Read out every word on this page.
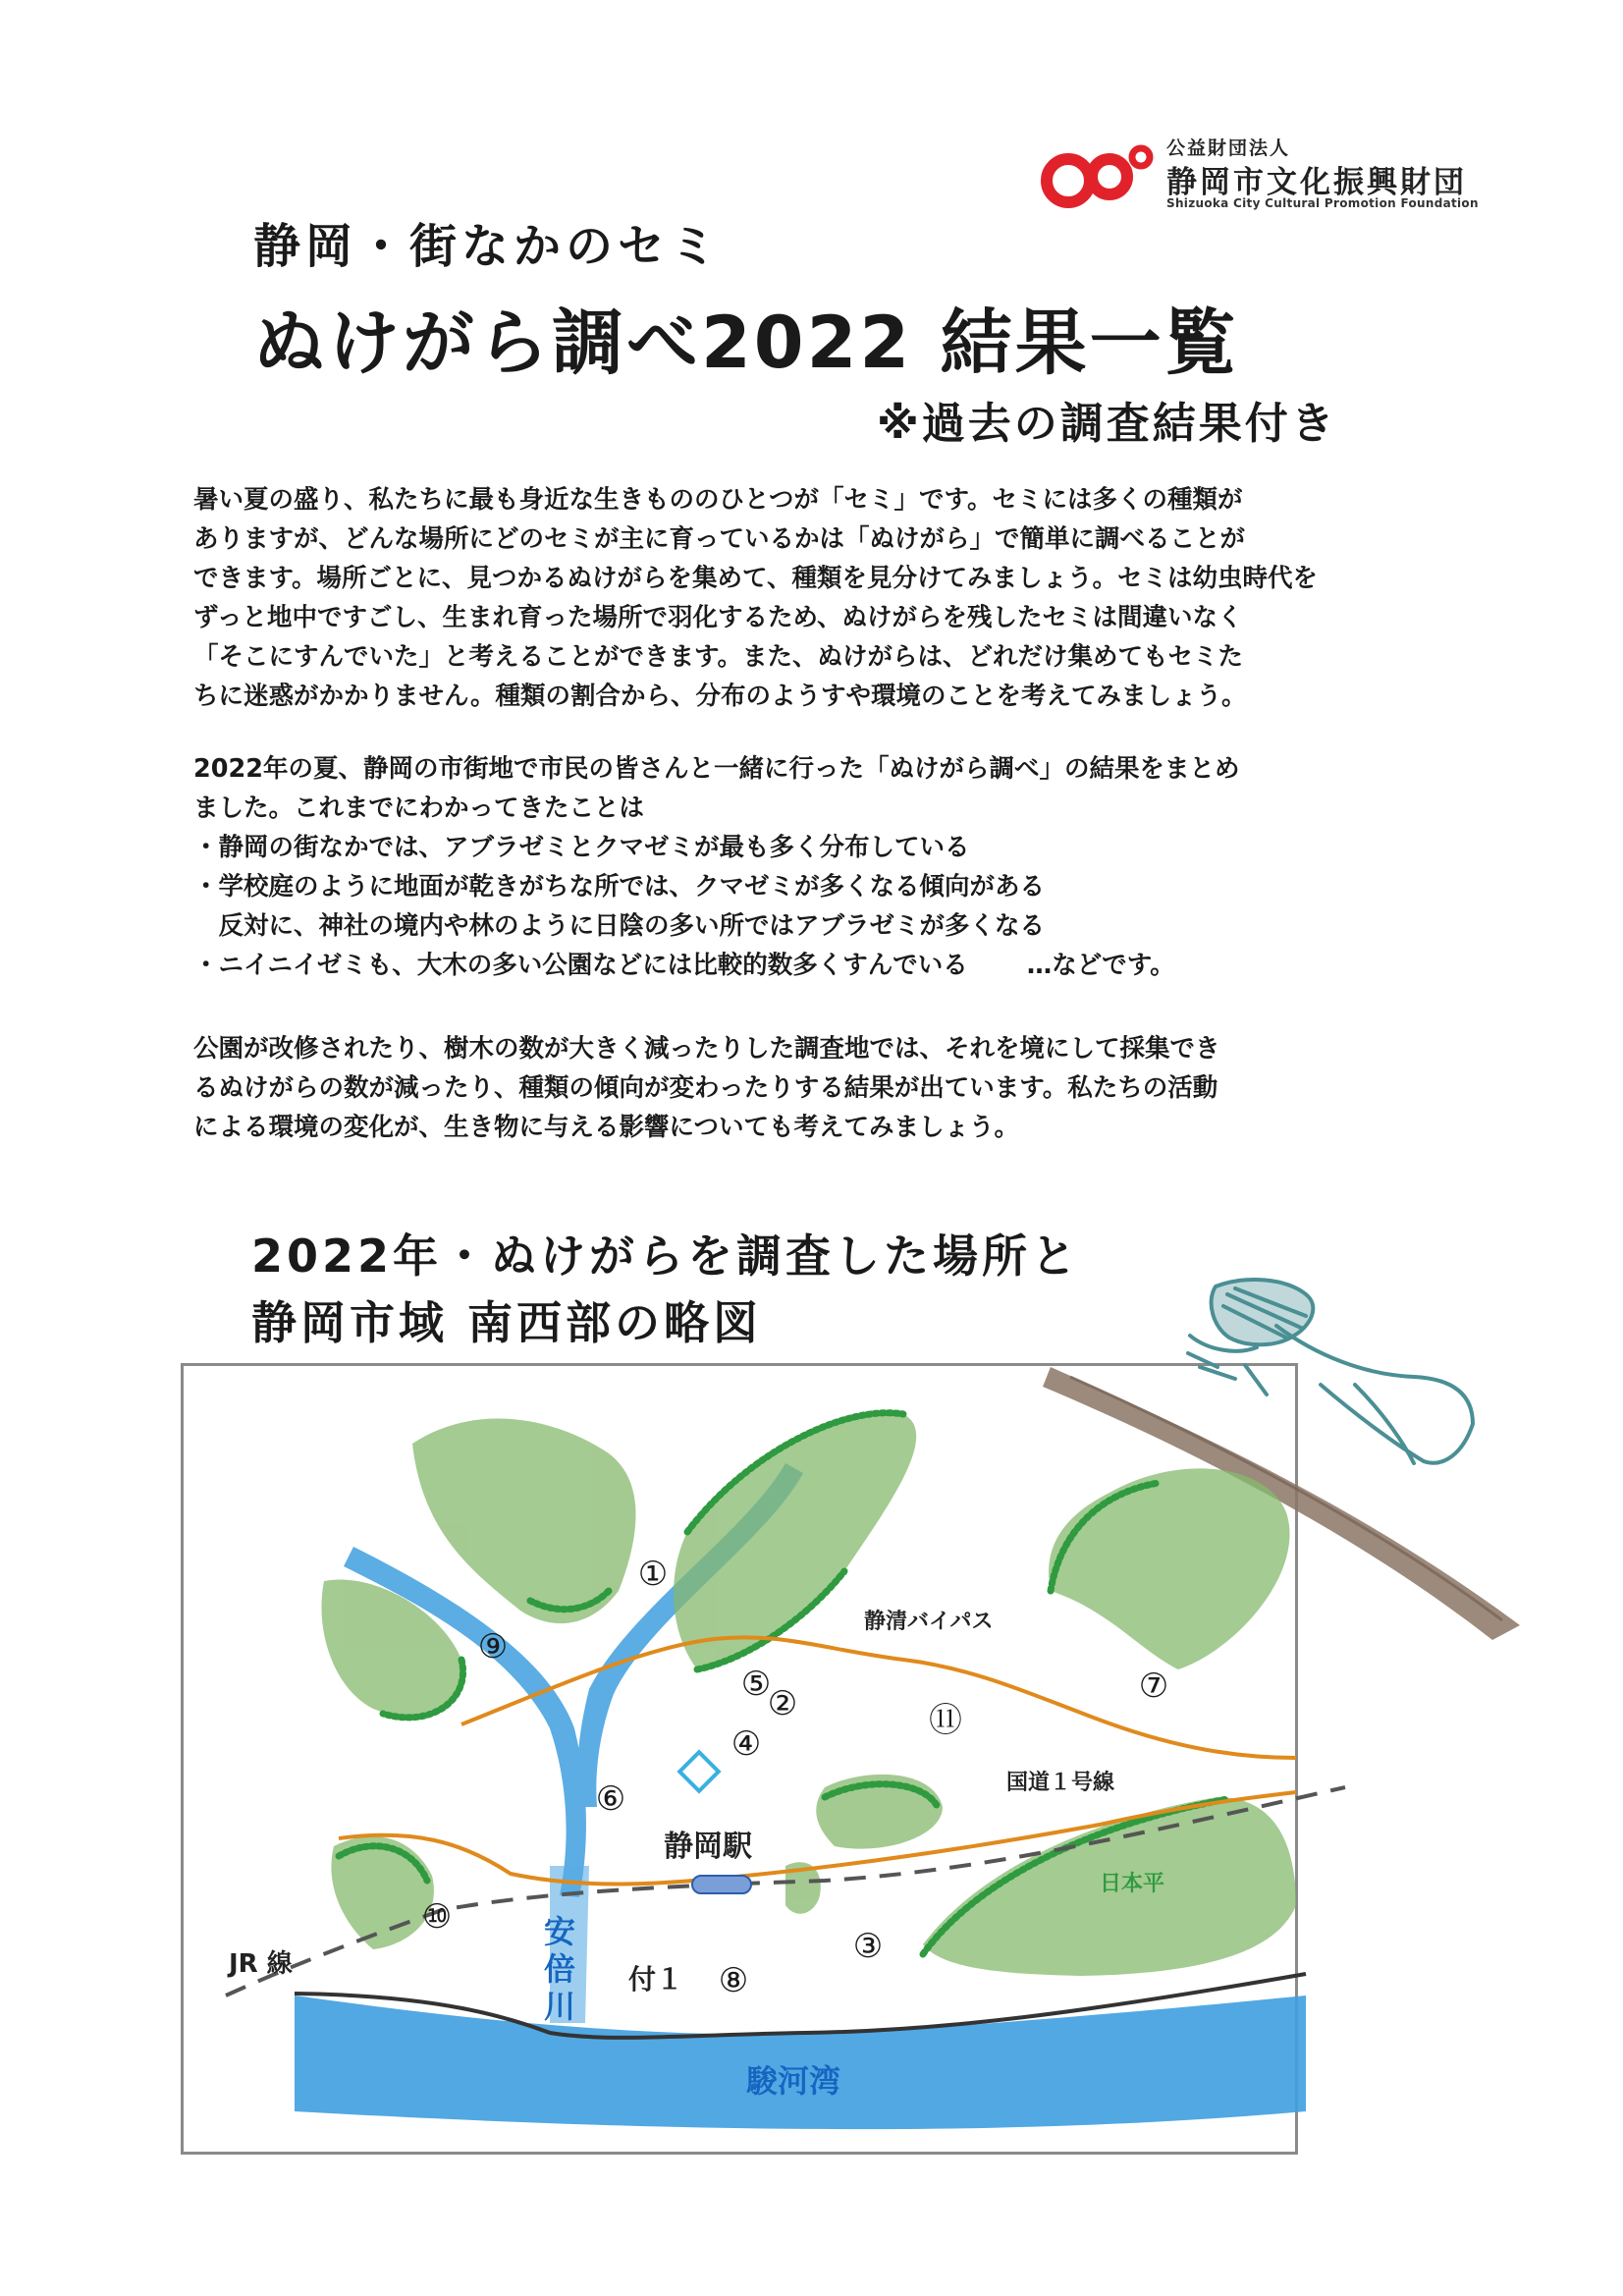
公益財団法人
静岡市文化振興財団
Shizuoka City Cultural Promotion Foundation
静岡・街なかのセミ
ぬけがら調べ2022 結果一覧
※過去の調査結果付き

暑い夏の盛り、私たちに最も身近な生きもののひとつが「セミ」です。セミには多くの種類が
ありますが、どんな場所にどのセミが主に育っているかは「ぬけがら」で簡単に調べることが
できます。場所ごとに、見つかるぬけがらを集めて、種類を見分けてみましょう。セミは幼虫時代を
ずっと地中ですごし、生まれ育った場所で羽化するため、ぬけがらを残したセミは間違いなく
「そこにすんでいた」と考えることができます。また、ぬけがらは、どれだけ集めてもセミた
ちに迷惑がかかりません。種類の割合から、分布のようすや環境のことを考えてみましょう。

2022年の夏、静岡の市街地で市民の皆さんと一緒に行った「ぬけがら調べ」の結果をまとめ
ました。これまでにわかってきたことは
・静岡の街なかでは、アブラゼミとクマゼミが最も多く分布している
・学校庭のように地面が乾きがちな所では、クマゼミが多くなる傾向がある
　反対に、神社の境内や林のように日陰の多い所ではアブラゼミが多くなる
・ニイニイゼミも、大木の多い公園などには比較的数多くすんでいる …などです。

公園が改修されたり、樹木の数が大きく減ったりした調査地では、それを境にして採集でき
るぬけがらの数が減ったり、種類の傾向が変わったりする結果が出ています。私たちの活動
による環境の変化が、生き物に与える影響についても考えてみましょう。

2022年・ぬけがらを調査した場所と
静岡市域 南西部の略図
静清バイパス
国道１号線
静岡駅
JR 線
日本平
付１
駿河湾
安倍川
①
②
③
④
⑤
⑥
⑦
⑧
⑨
⑩
⑪
